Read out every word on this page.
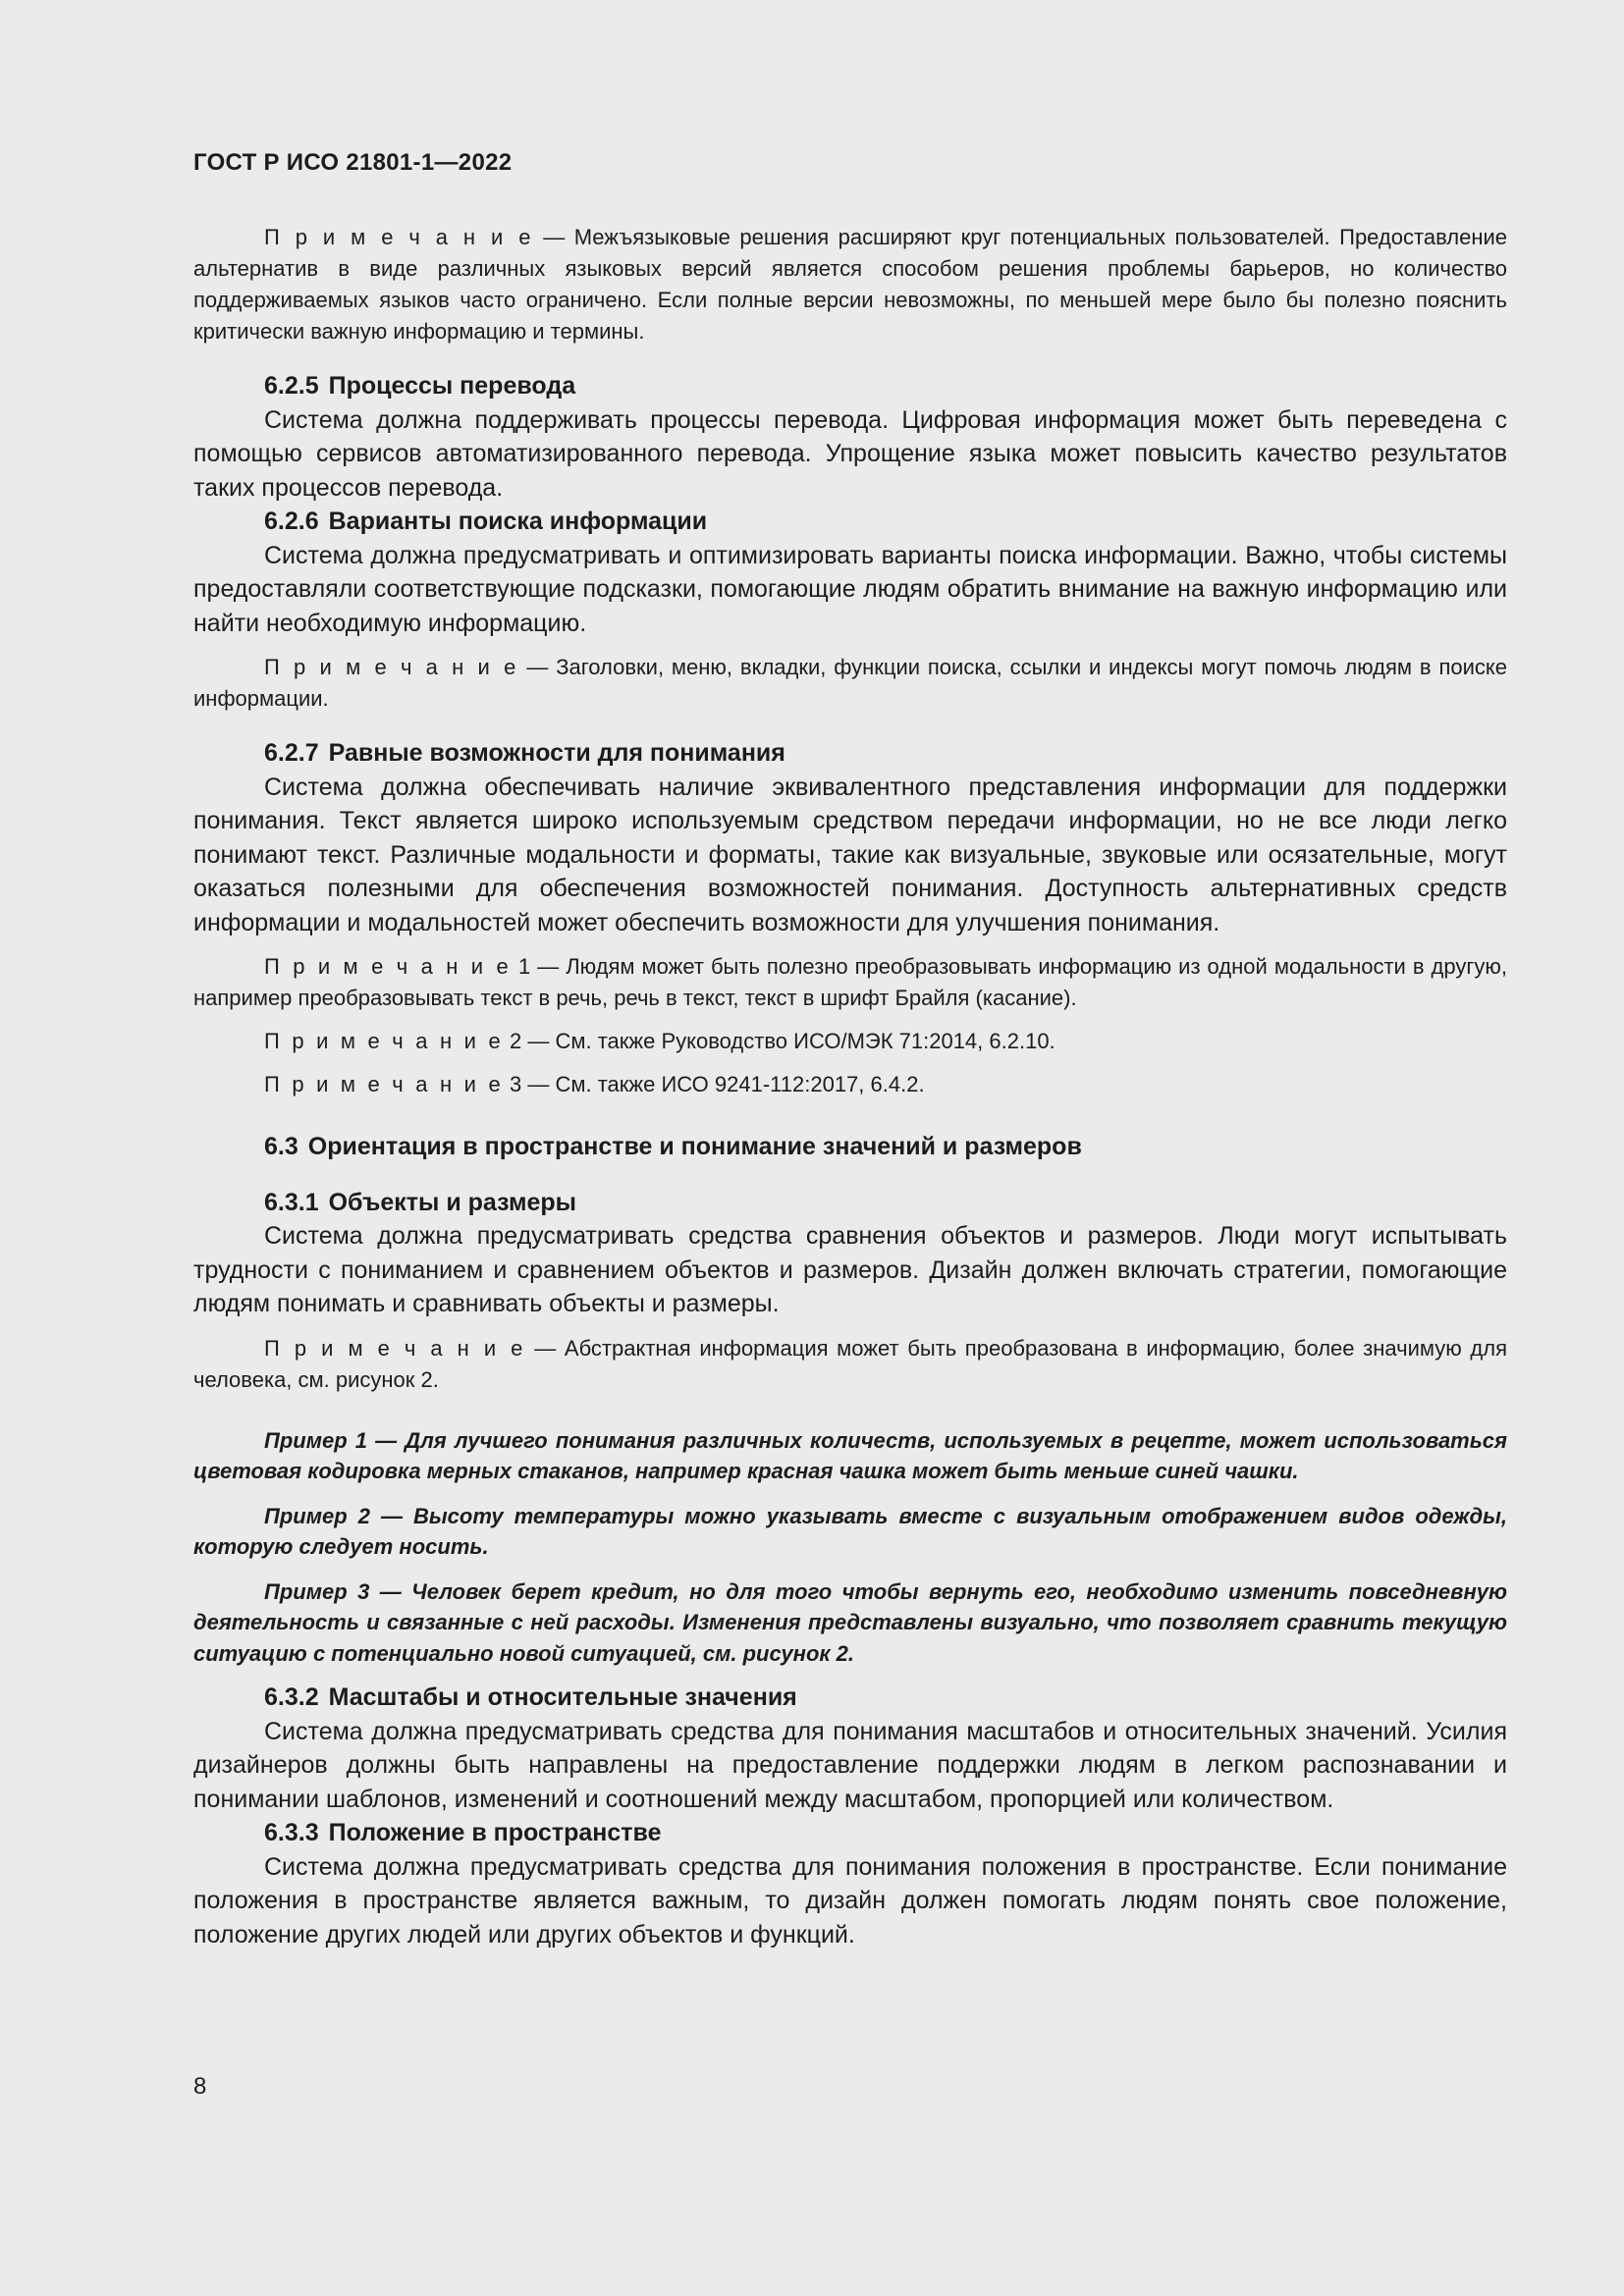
ГОСТ Р ИСО 21801-1—2022

П р и м е ч а н и е — Межъязыковые решения расширяют круг потенциальных пользователей. Предоставление альтернатив в виде различных языковых версий является способом решения проблемы барьеров, но количество поддерживаемых языков часто ограничено. Если полные версии невозможны, по меньшей мере было бы полезно пояснить критически важную информацию и термины.

6.2.5 Процессы перевода

Система должна поддерживать процессы перевода. Цифровая информация может быть переведена с помощью сервисов автоматизированного перевода. Упрощение языка может повысить качество результатов таких процессов перевода.

6.2.6 Варианты поиска информации

Система должна предусматривать и оптимизировать варианты поиска информации. Важно, чтобы системы предоставляли соответствующие подсказки, помогающие людям обратить внимание на важную информацию или найти необходимую информацию.

П р и м е ч а н и е — Заголовки, меню, вкладки, функции поиска, ссылки и индексы могут помочь людям в поиске информации.

6.2.7 Равные возможности для понимания

Система должна обеспечивать наличие эквивалентного представления информации для поддержки понимания. Текст является широко используемым средством передачи информации, но не все люди легко понимают текст. Различные модальности и форматы, такие как визуальные, звуковые или осязательные, могут оказаться полезными для обеспечения возможностей понимания. Доступность альтернативных средств информации и модальностей может обеспечить возможности для улучшения понимания.

П р и м е ч а н и е 1 — Людям может быть полезно преобразовывать информацию из одной модальности в другую, например преобразовывать текст в речь, речь в текст, текст в шрифт Брайля (касание).

П р и м е ч а н и е 2 — См. также Руководство ИСО/МЭК 71:2014, 6.2.10.

П р и м е ч а н и е 3 — См. также ИСО 9241-112:2017, 6.4.2.

6.3 Ориентация в пространстве и понимание значений и размеров

6.3.1 Объекты и размеры

Система должна предусматривать средства сравнения объектов и размеров. Люди могут испытывать трудности с пониманием и сравнением объектов и размеров. Дизайн должен включать стратегии, помогающие людям понимать и сравнивать объекты и размеры.

П р и м е ч а н и е — Абстрактная информация может быть преобразована в информацию, более значимую для человека, см. рисунок 2.

Пример 1 — Для лучшего понимания различных количеств, используемых в рецепте, может использоваться цветовая кодировка мерных стаканов, например красная чашка может быть меньше синей чашки.

Пример 2 — Высоту температуры можно указывать вместе с визуальным отображением видов одежды, которую следует носить.

Пример 3 — Человек берет кредит, но для того чтобы вернуть его, необходимо изменить повседневную деятельность и связанные с ней расходы. Изменения представлены визуально, что позволяет сравнить текущую ситуацию с потенциально новой ситуацией, см. рисунок 2.

6.3.2 Масштабы и относительные значения

Система должна предусматривать средства для понимания масштабов и относительных значений. Усилия дизайнеров должны быть направлены на предоставление поддержки людям в легком распознавании и понимании шаблонов, изменений и соотношений между масштабом, пропорцией или количеством.

6.3.3 Положение в пространстве

Система должна предусматривать средства для понимания положения в пространстве. Если понимание положения в пространстве является важным, то дизайн должен помогать людям понять свое положение, положение других людей или других объектов и функций.

8
